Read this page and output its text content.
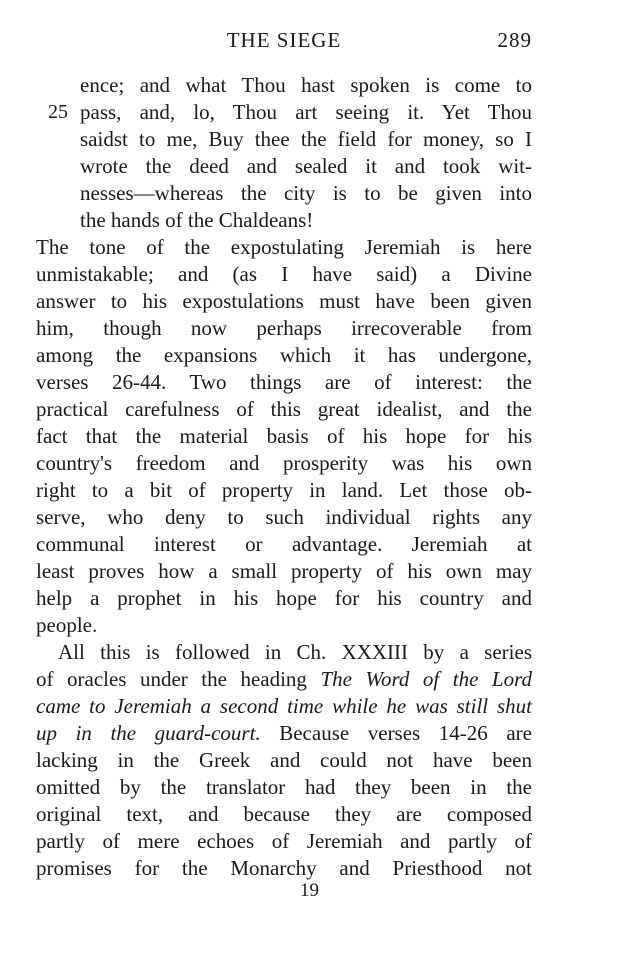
THE SIEGE	289
ence; and what Thou hast spoken is come to
25 pass, and, lo, Thou art seeing it. Yet Thou
saidst to me, Buy thee the field for money, so I
wrote the deed and sealed it and took wit-
nesses—whereas the city is to be given into
the hands of the Chaldeans!
The tone of the expostulating Jeremiah is here
unmistakable; and (as I have said) a Divine
answer to his expostulations must have been given
him, though now perhaps irrecoverable from
among the expansions which it has undergone,
verses 26-44. Two things are of interest: the
practical carefulness of this great idealist, and the
fact that the material basis of his hope for his
country's freedom and prosperity was his own
right to a bit of property in land. Let those ob-
serve, who deny to such individual rights any
communal interest or advantage. Jeremiah at
least proves how a small property of his own may
help a prophet in his hope for his country and
people.
All this is followed in Ch. XXXIII by a series
of oracles under the heading The Word of the Lord
came to Jeremiah a second time while he was still shut
up in the guard-court. Because verses 14-26 are
lacking in the Greek and could not have been
omitted by the translator had they been in the
original text, and because they are composed
partly of mere echoes of Jeremiah and partly of
promises for the Monarchy and Priesthood not
19
